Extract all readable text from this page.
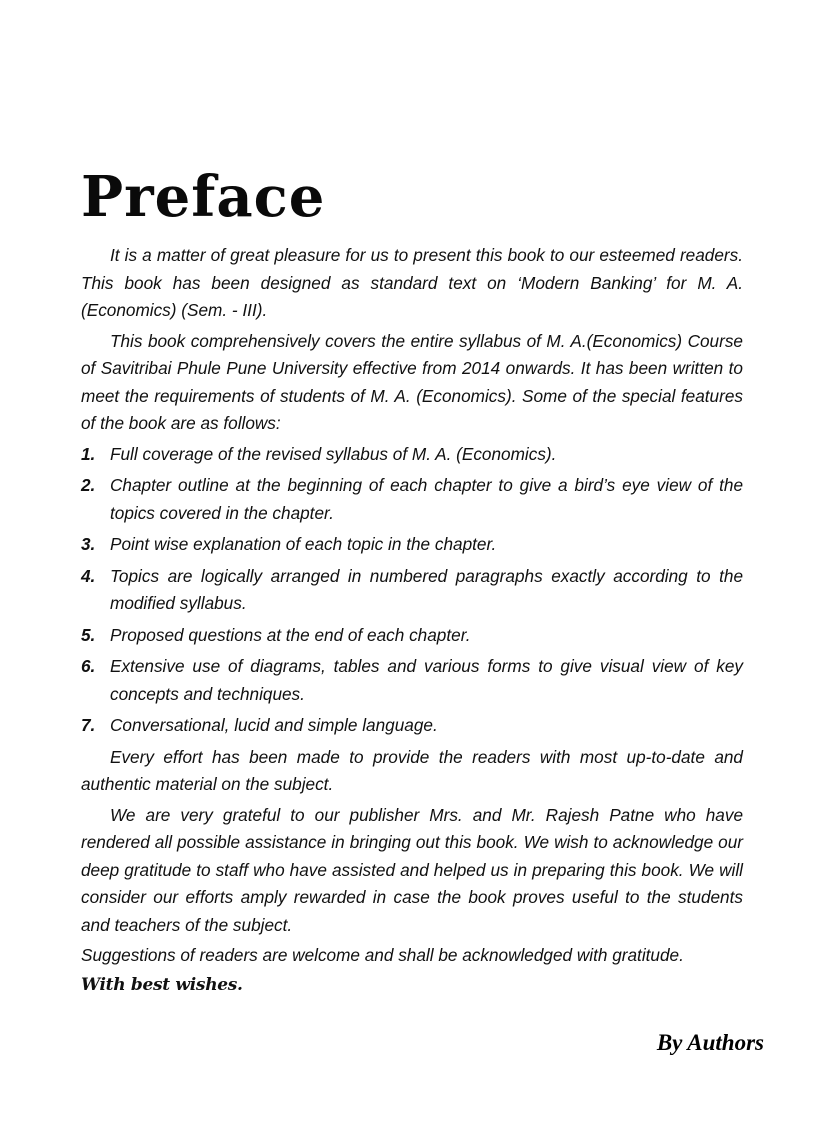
Preface

It is a matter of great pleasure for us to present this book to our esteemed readers. This book has been designed as standard text on ‘Modern Banking’ for M. A. (Economics) (Sem. - III).

This book comprehensively covers the entire syllabus of M. A.(Economics) Course of Savitribai Phule Pune University effective from 2014 onwards. It has been written to meet the requirements of students of M. A. (Economics). Some of the special features of the book are as follows:

1. Full coverage of the revised syllabus of M. A. (Economics).
2. Chapter outline at the beginning of each chapter to give a bird’s eye view of the topics covered in the chapter.
3. Point wise explanation of each topic in the chapter.
4. Topics are logically arranged in numbered paragraphs exactly according to the modified syllabus.
5. Proposed questions at the end of each chapter.
6. Extensive use of diagrams, tables and various forms to give visual view of key concepts and techniques.
7. Conversational, lucid and simple language.

Every effort has been made to provide the readers with most up-to-date and authentic material on the subject.

We are very grateful to our publisher Mrs. and Mr. Rajesh Patne who have rendered all possible assistance in bringing out this book. We wish to acknowledge our deep gratitude to staff who have assisted and helped us in preparing this book. We will consider our efforts amply rewarded in case the book proves useful to the students and teachers of the subject.

Suggestions of readers are welcome and shall be acknowledged with gratitude.

With best wishes.

By Authors
